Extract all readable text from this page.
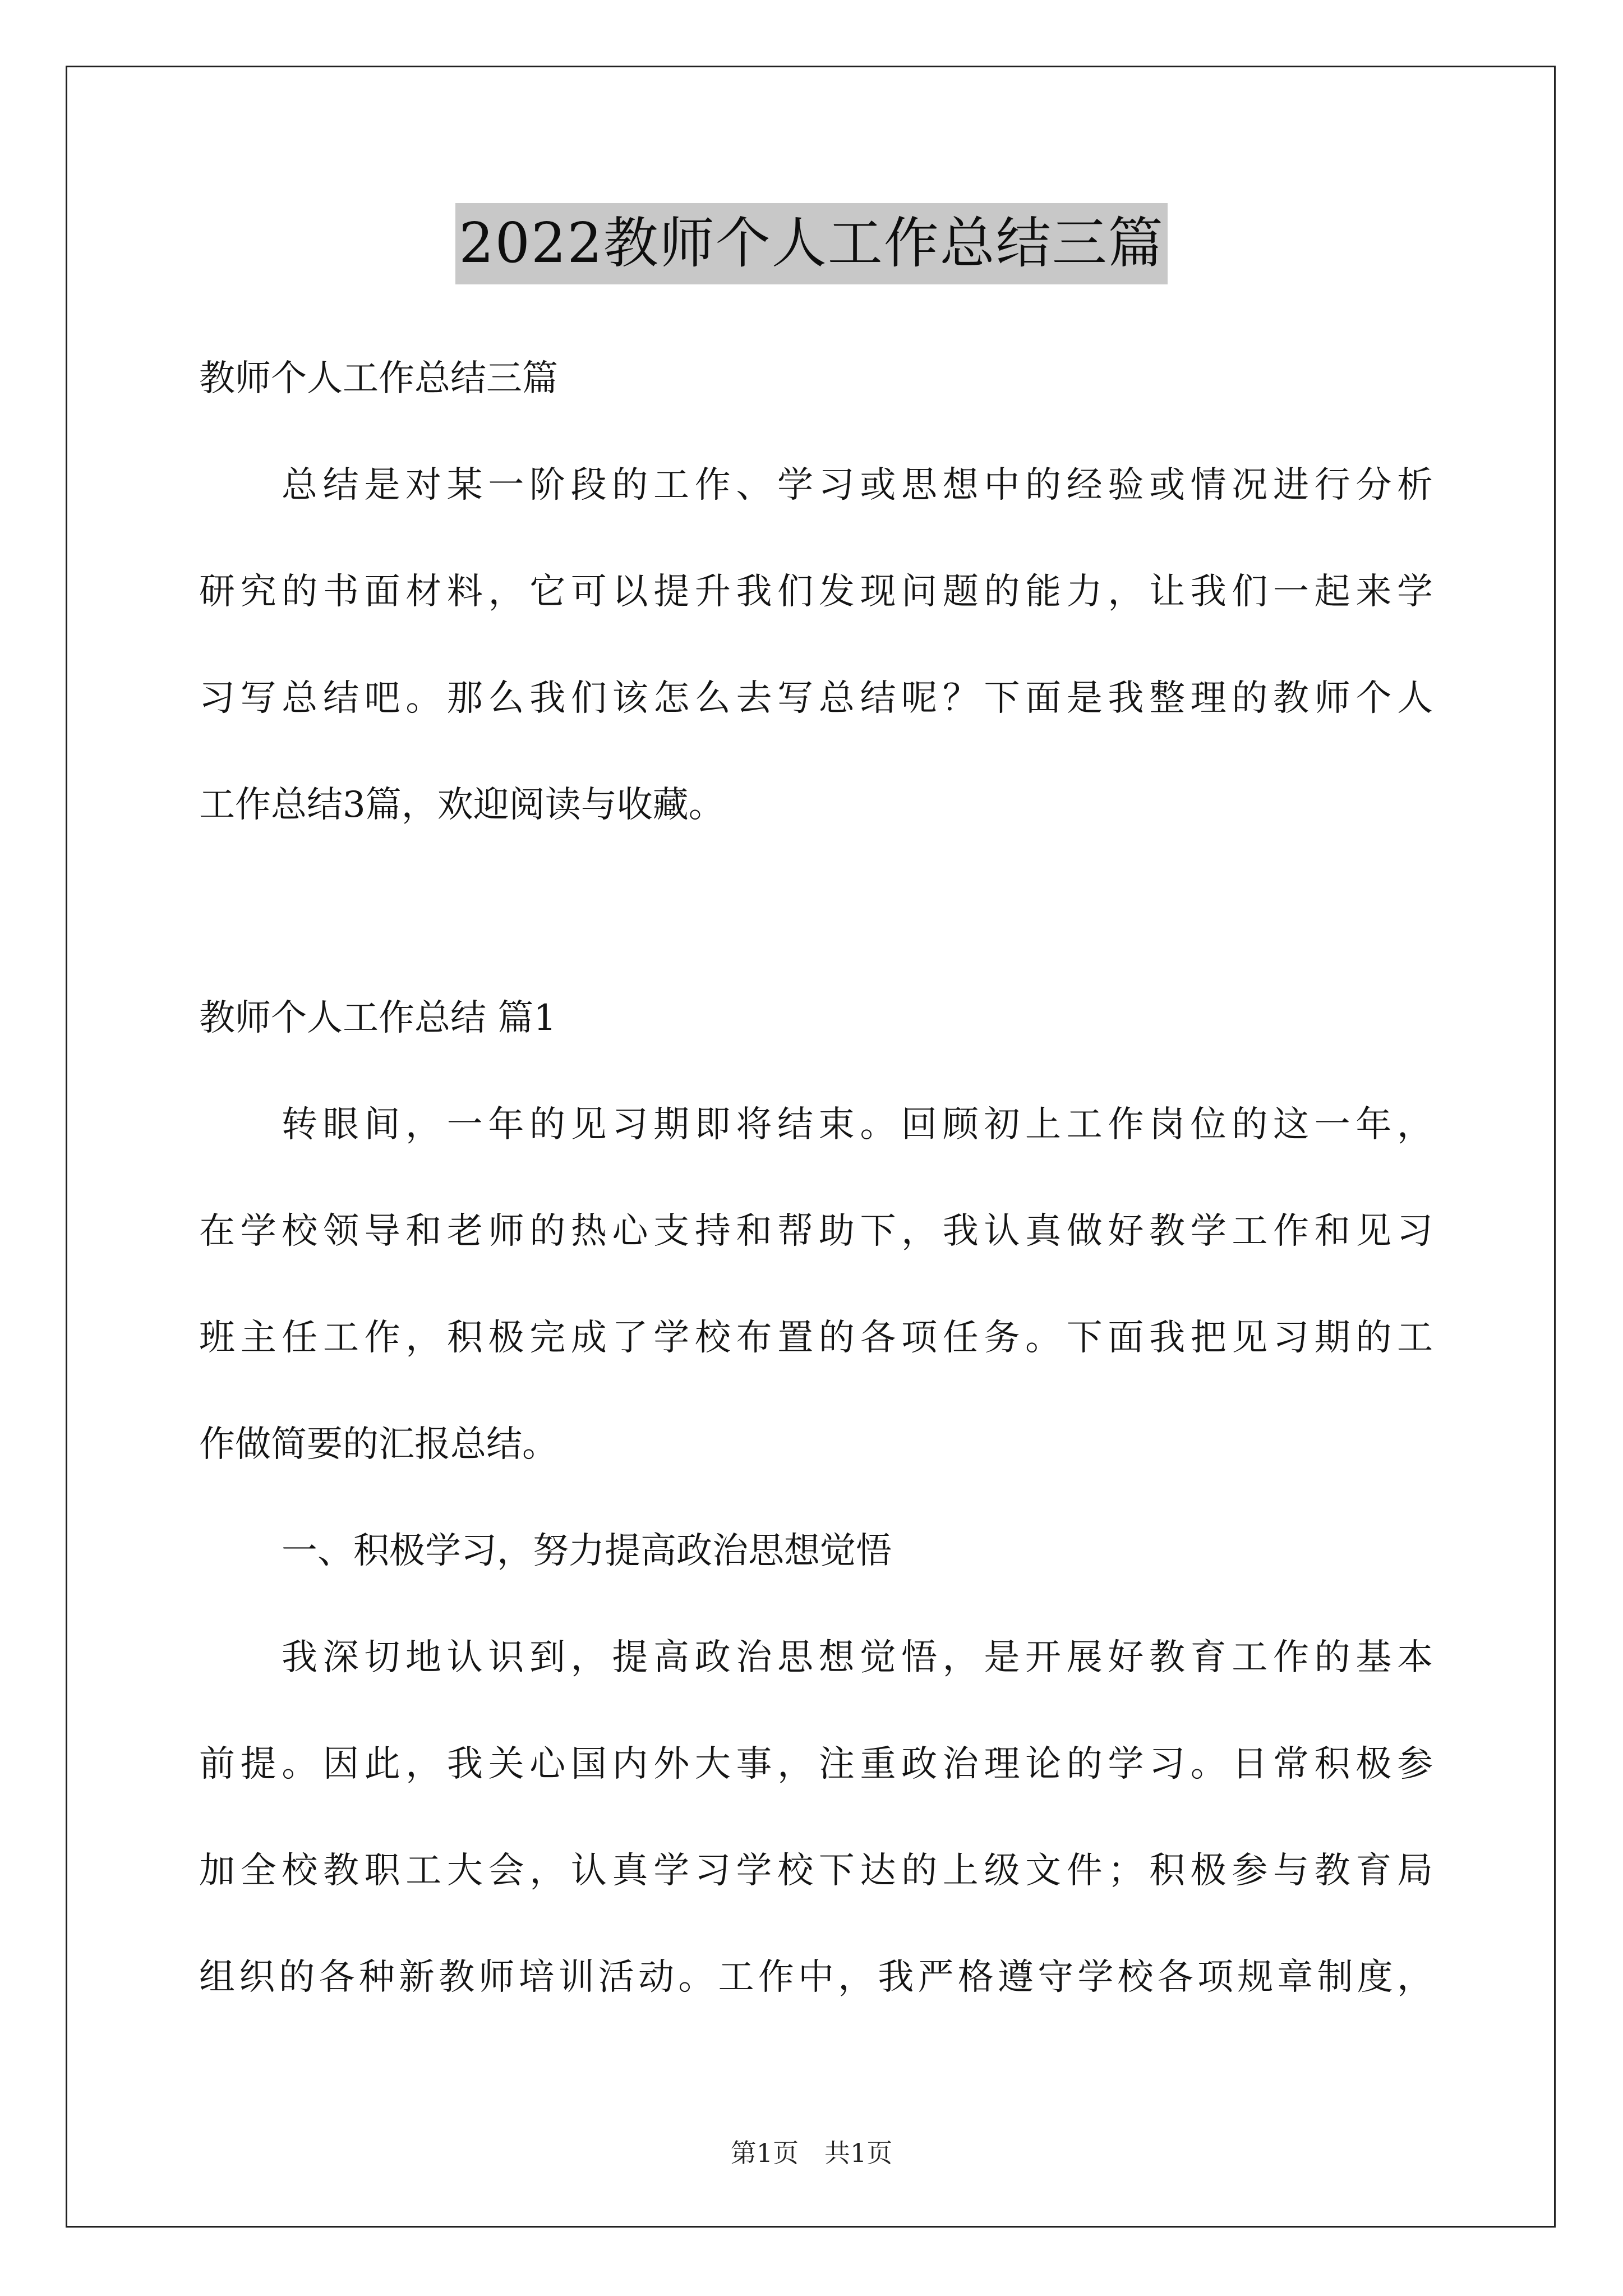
2022教师个人工作总结三篇
教师个人工作总结三篇
总结是对某一阶段的工作、学习或思想中的经验或情况进行分析
研究的书面材料，它可以提升我们发现问题的能力，让我们一起来学
习写总结吧。那么我们该怎么去写总结呢？下面是我整理的教师个人
工作总结3篇，欢迎阅读与收藏。
教师个人工作总结 篇1
转眼间，一年的见习期即将结束。回顾初上工作岗位的这一年，
在学校领导和老师的热心支持和帮助下，我认真做好教学工作和见习
班主任工作，积极完成了学校布置的各项任务。下面我把见习期的工
作做简要的汇报总结。
一、积极学习，努力提高政治思想觉悟
我深切地认识到，提高政治思想觉悟，是开展好教育工作的基本
前提。因此，我关心国内外大事，注重政治理论的学习。日常积极参
加全校教职工大会，认真学习学校下达的上级文件；积极参与教育局
组织的各种新教师培训活动。工作中，我严格遵守学校各项规章制度，
第1页　共1页
